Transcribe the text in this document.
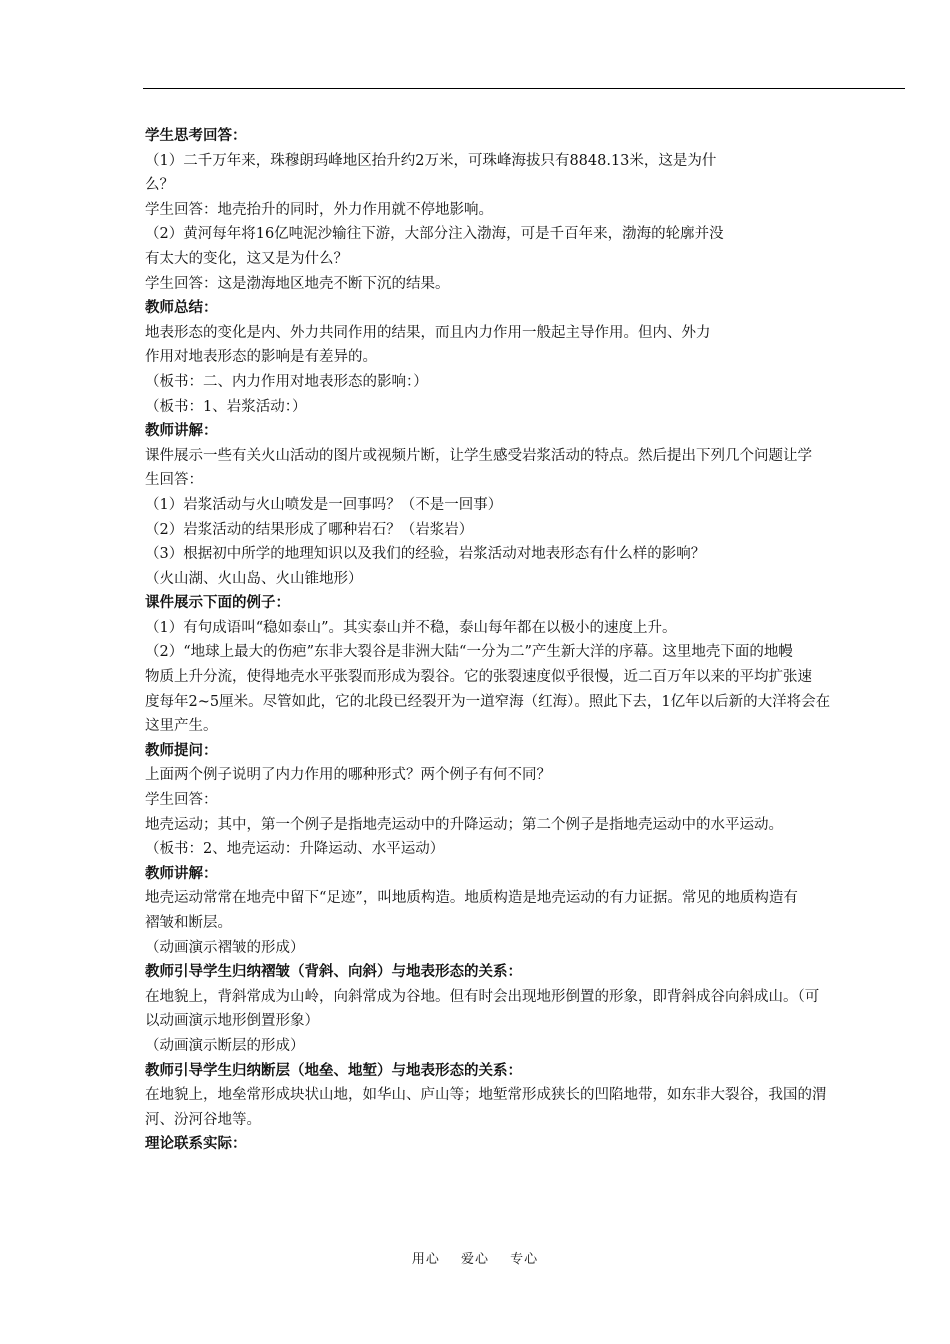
学生思考回答：
（1）二千万年来，珠穆朗玛峰地区抬升约2万米，可珠峰海拔只有8848.13米，这是为什
么？
学生回答：地壳抬升的同时，外力作用就不停地影响。
（2）黄河每年将16亿吨泥沙输往下游，大部分注入渤海，可是千百年来，渤海的轮廓并没
有太大的变化，这又是为什么？
学生回答：这是渤海地区地壳不断下沉的结果。
教师总结：
地表形态的变化是内、外力共同作用的结果，而且内力作用一般起主导作用。但内、外力
作用对地表形态的影响是有差异的。
（板书：二、内力作用对地表形态的影响：）
（板书：1、岩浆活动：）
教师讲解：
课件展示一些有关火山活动的图片或视频片断，让学生感受岩浆活动的特点。然后提出下列几个问题让学
生回答：
（1）岩浆活动与火山喷发是一回事吗？（不是一回事）
（2）岩浆活动的结果形成了哪种岩石？（岩浆岩）
（3）根据初中所学的地理知识以及我们的经验，岩浆活动对地表形态有什么样的影响？
（火山湖、火山岛、火山锥地形）
课件展示下面的例子：
（1）有句成语叫“稳如泰山”。其实泰山并不稳，泰山每年都在以极小的速度上升。
（2）“地球上最大的伤疤”东非大裂谷是非洲大陆“一分为二”产生新大洋的序幕。这里地壳下面的地幔
物质上升分流，使得地壳水平张裂而形成为裂谷。它的张裂速度似乎很慢，近二百万年以来的平均扩张速
度每年2~5厘米。尽管如此，它的北段已经裂开为一道窄海（红海）。照此下去，1亿年以后新的大洋将会在
这里产生。
教师提问：
上面两个例子说明了内力作用的哪种形式？两个例子有何不同？
学生回答：
地壳运动；其中，第一个例子是指地壳运动中的升降运动；第二个例子是指地壳运动中的水平运动。
（板书：2、地壳运动：升降运动、水平运动）
教师讲解：
地壳运动常常在地壳中留下“足迹”，叫地质构造。地质构造是地壳运动的有力证据。常见的地质构造有
褶皱和断层。
（动画演示褶皱的形成）
教师引导学生归纳褶皱（背斜、向斜）与地表形态的关系：
在地貌上，背斜常成为山岭，向斜常成为谷地。但有时会出现地形倒置的形象，即背斜成谷向斜成山。（可
以动画演示地形倒置形象）
（动画演示断层的形成）
教师引导学生归纳断层（地垒、地堑）与地表形态的关系：
在地貌上，地垒常形成块状山地，如华山、庐山等；地堑常形成狭长的凹陷地带，如东非大裂谷，我国的渭
河、汾河谷地等。
理论联系实际：
用心 爱心 专心
